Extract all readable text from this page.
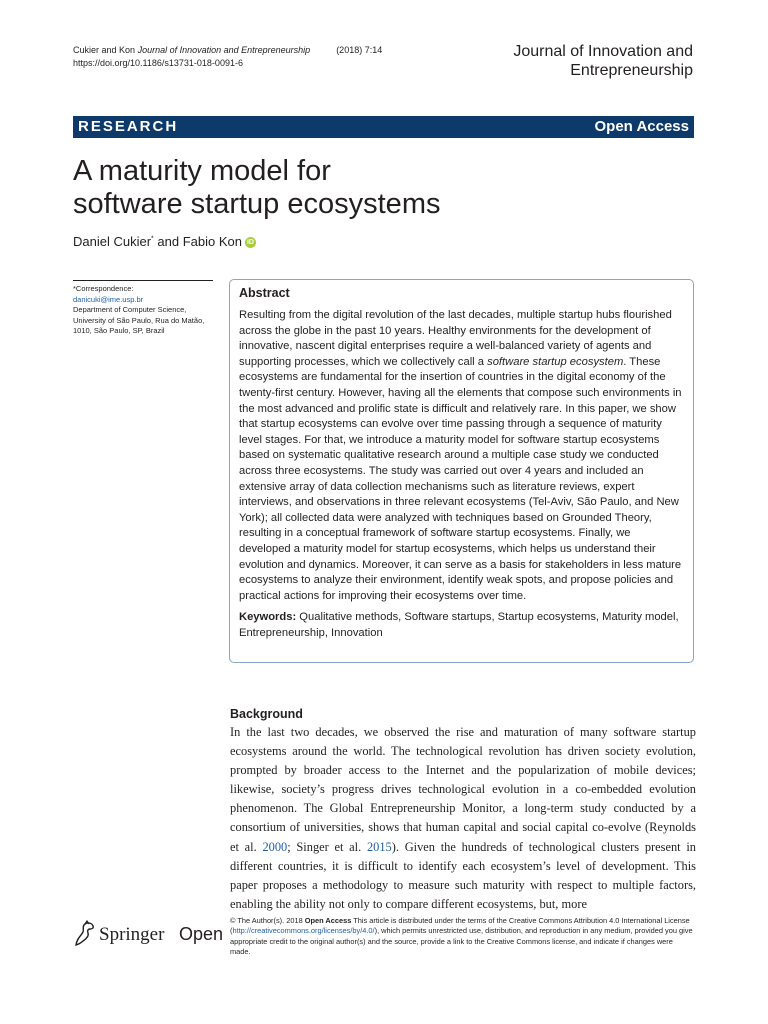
Cukier and Kon Journal of Innovation and Entrepreneurship	(2018) 7:14
https://doi.org/10.1186/s13731-018-0091-6
Journal of Innovation and
Entrepreneurship
RESEARCH	Open Access
A maturity model for
software startup ecosystems
Daniel Cukier* and Fabio Kon iD
*Correspondence:
danicuki@ime.usp.br
Department of Computer Science, University of São Paulo, Rua do Matão, 1010, São Paulo, SP, Brazil
Abstract
Resulting from the digital revolution of the last decades, multiple startup hubs flourished across the globe in the past 10 years. Healthy environments for the development of innovative, nascent digital enterprises require a well-balanced variety of agents and supporting processes, which we collectively call a software startup ecosystem. These ecosystems are fundamental for the insertion of countries in the digital economy of the twenty-first century. However, having all the elements that compose such environments in the most advanced and prolific state is difficult and relatively rare. In this paper, we show that startup ecosystems can evolve over time passing through a sequence of maturity level stages. For that, we introduce a maturity model for software startup ecosystems based on systematic qualitative research around a multiple case study we conducted across three ecosystems. The study was carried out over 4 years and included an extensive array of data collection mechanisms such as literature reviews, expert interviews, and observations in three relevant ecosystems (Tel-Aviv, São Paulo, and New York); all collected data were analyzed with techniques based on Grounded Theory, resulting in a conceptual framework of software startup ecosystems. Finally, we developed a maturity model for startup ecosystems, which helps us understand their evolution and dynamics. Moreover, it can serve as a basis for stakeholders in less mature ecosystems to analyze their environment, identify weak spots, and propose policies and practical actions for improving their ecosystems over time.
Keywords: Qualitative methods, Software startups, Startup ecosystems, Maturity model, Entrepreneurship, Innovation
Background
In the last two decades, we observed the rise and maturation of many software startup ecosystems around the world. The technological revolution has driven society evolution, prompted by broader access to the Internet and the popularization of mobile devices; likewise, society’s progress drives technological evolution in a co-embedded evolution phenomenon. The Global Entrepreneurship Monitor, a long-term study conducted by a consortium of universities, shows that human capital and social capital co-evolve (Reynolds et al. 2000; Singer et al. 2015). Given the hundreds of technological clusters present in different countries, it is difficult to identify each ecosystem’s level of development. This paper proposes a methodology to measure such maturity with respect to multiple factors, enabling the ability not only to compare different ecosystems, but, more
Springer Open
© The Author(s). 2018 Open Access This article is distributed under the terms of the Creative Commons Attribution 4.0 International License (http://creativecommons.org/licenses/by/4.0/), which permits unrestricted use, distribution, and reproduction in any medium, provided you give appropriate credit to the original author(s) and the source, provide a link to the Creative Commons license, and indicate if changes were made.
